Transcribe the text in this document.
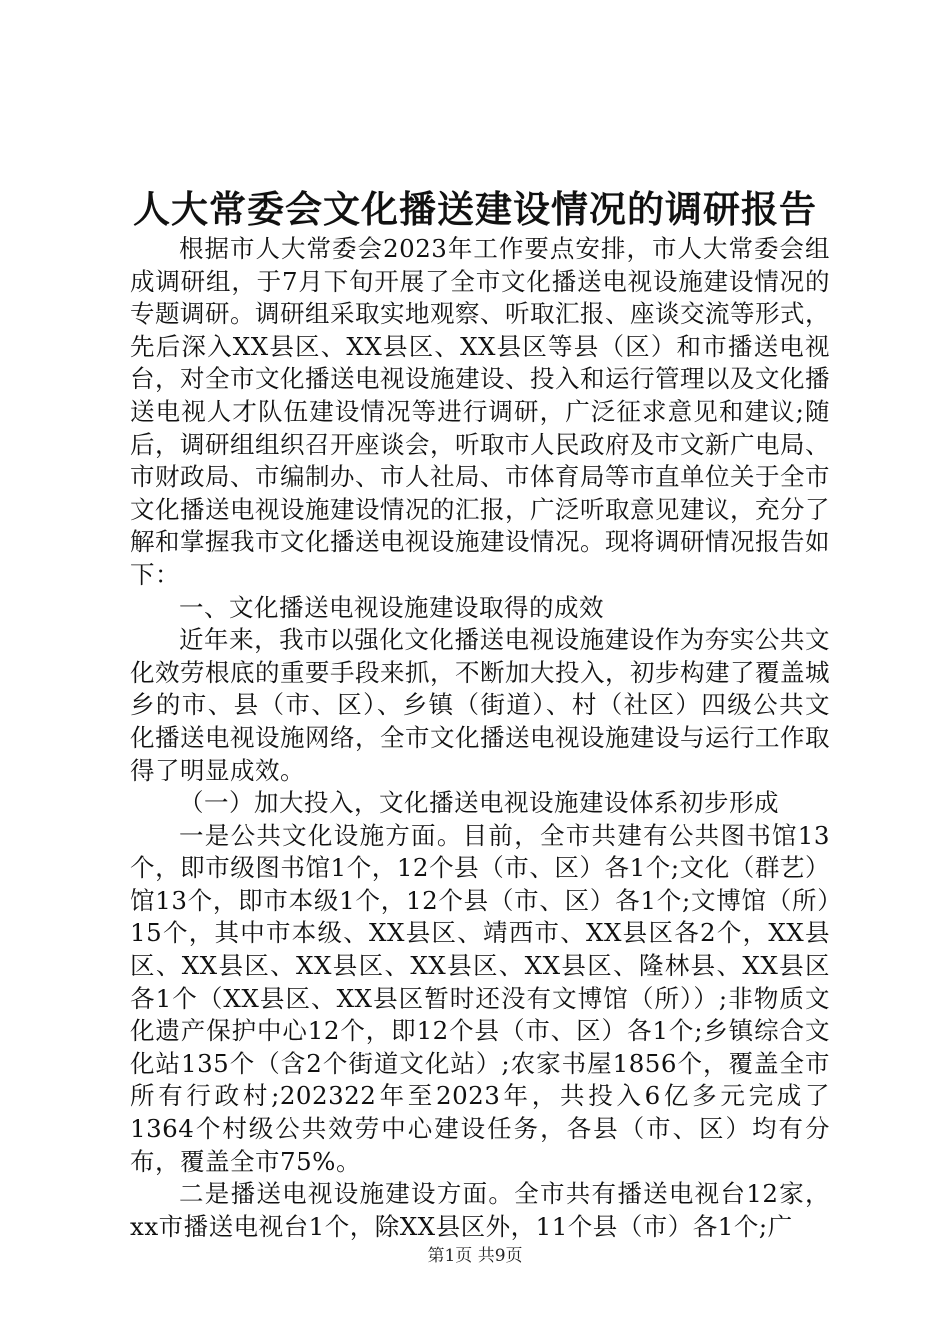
人大常委会文化播送建设情况的调研报告

根据市人大常委会2023年工作要点安排，市人大常委会组成调研组，于7月下旬开展了全市文化播送电视设施建设情况的专题调研。调研组采取实地观察、听取汇报、座谈交流等形式，先后深入XX县区、XX县区、XX县区等县（区）和市播送电视台，对全市文化播送电视设施建设、投入和运行管理以及文化播送电视人才队伍建设情况等进行调研，广泛征求意见和建议;随后，调研组组织召开座谈会，听取市人民政府及市文新广电局、市财政局、市编制办、市人社局、市体育局等市直单位关于全市文化播送电视设施建设情况的汇报，广泛听取意见建议，充分了解和掌握我市文化播送电视设施建设情况。现将调研情况报告如下：

一、文化播送电视设施建设取得的成效

近年来，我市以强化文化播送电视设施建设作为夯实公共文化效劳根底的重要手段来抓，不断加大投入，初步构建了覆盖城乡的市、县（市、区）、乡镇（街道）、村（社区）四级公共文化播送电视设施网络，全市文化播送电视设施建设与运行工作取得了明显成效。

（一）加大投入，文化播送电视设施建设体系初步形成

一是公共文化设施方面。目前，全市共建有公共图书馆13个，即市级图书馆1个，12个县（市、区）各1个;文化（群艺）馆13个，即市本级1个，12个县（市、区）各1个;文博馆（所）15个，其中市本级、XX县区、靖西市、XX县区各2个，XX县区、XX县区、XX县区、XX县区、XX县区、隆林县、XX县区各1个（XX县区、XX县区暂时还没有文博馆（所））;非物质文化遗产保护中心12个，即12个县（市、区）各1个;乡镇综合文化站135个（含2个街道文化站）;农家书屋1856个，覆盖全市所有行政村;202322年至2023年，共投入6亿多元完成了1364个村级公共效劳中心建设任务，各县（市、区）均有分布，覆盖全市75%。

二是播送电视设施建设方面。全市共有播送电视台12家，xx市播送电视台1个，除XX县区外，11个县（市）各1个;广

第1页 共9页
